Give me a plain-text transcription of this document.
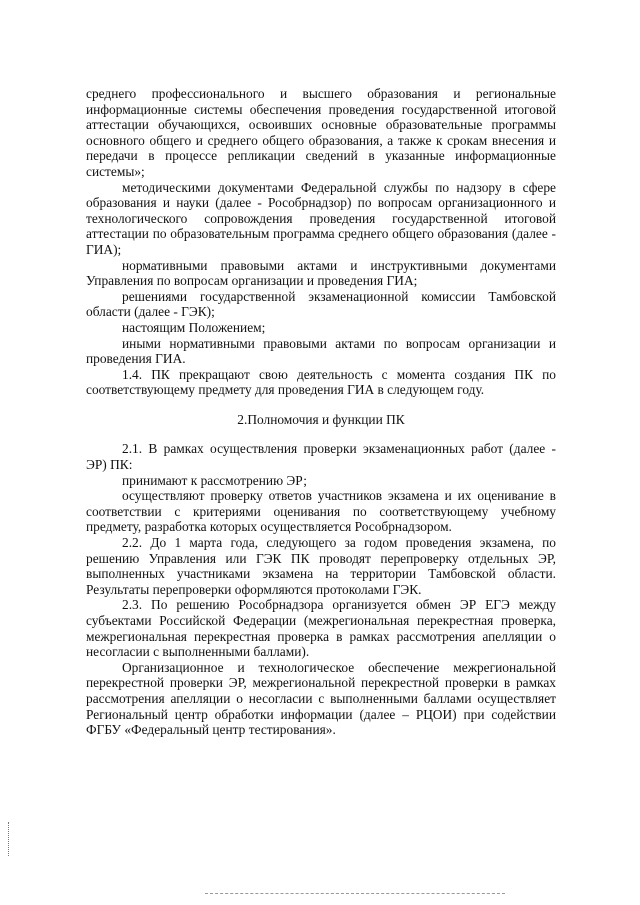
среднего профессионального и высшего образования и региональные информационные системы обеспечения проведения государственной итоговой аттестации обучающихся, освоивших основные образовательные программы основного общего и среднего общего образования, а также к срокам внесения и передачи в процессе репликации сведений в указанные информационные системы»;

методическими документами Федеральной службы по надзору в сфере образования и науки (далее - Рособрнадзор) по вопросам организационного и технологического сопровождения проведения государственной итоговой аттестации по образовательным программа среднего общего образования (далее - ГИА);

нормативными правовыми актами и инструктивными документами Управления по вопросам организации и проведения ГИА;

решениями государственной экзаменационной комиссии Тамбовской области (далее - ГЭК);

настоящим Положением;

иными нормативными правовыми актами по вопросам организации и проведения ГИА.

1.4. ПК прекращают свою деятельность с момента создания ПК по соответствующему предмету для проведения ГИА в следующем году.

2.Полномочия и функции ПК

2.1. В рамках осуществления проверки экзаменационных работ (далее - ЭР) ПК:

принимают к рассмотрению ЭР;

осуществляют проверку ответов участников экзамена и их оценивание в соответствии с критериями оценивания по соответствующему учебному предмету, разработка которых осуществляется Рособрнадзором.

2.2. До 1 марта года, следующего за годом проведения экзамена, по решению Управления или ГЭК ПК проводят перепроверку отдельных ЭР, выполненных участниками экзамена на территории Тамбовской области. Результаты перепроверки оформляются протоколами ГЭК.

2.3. По решению Рособрнадзора организуется обмен ЭР ЕГЭ между субъектами Российской Федерации (межрегиональная перекрестная проверка, межрегиональная перекрестная проверка в рамках рассмотрения апелляции о несогласии с выполненными баллами).

Организационное и технологическое обеспечение межрегиональной перекрестной проверки ЭР, межрегиональной перекрестной проверки в рамках рассмотрения апелляции о несогласии с выполненными баллами осуществляет Региональный центр обработки информации (далее – РЦОИ) при содействии ФГБУ «Федеральный центр тестирования».
